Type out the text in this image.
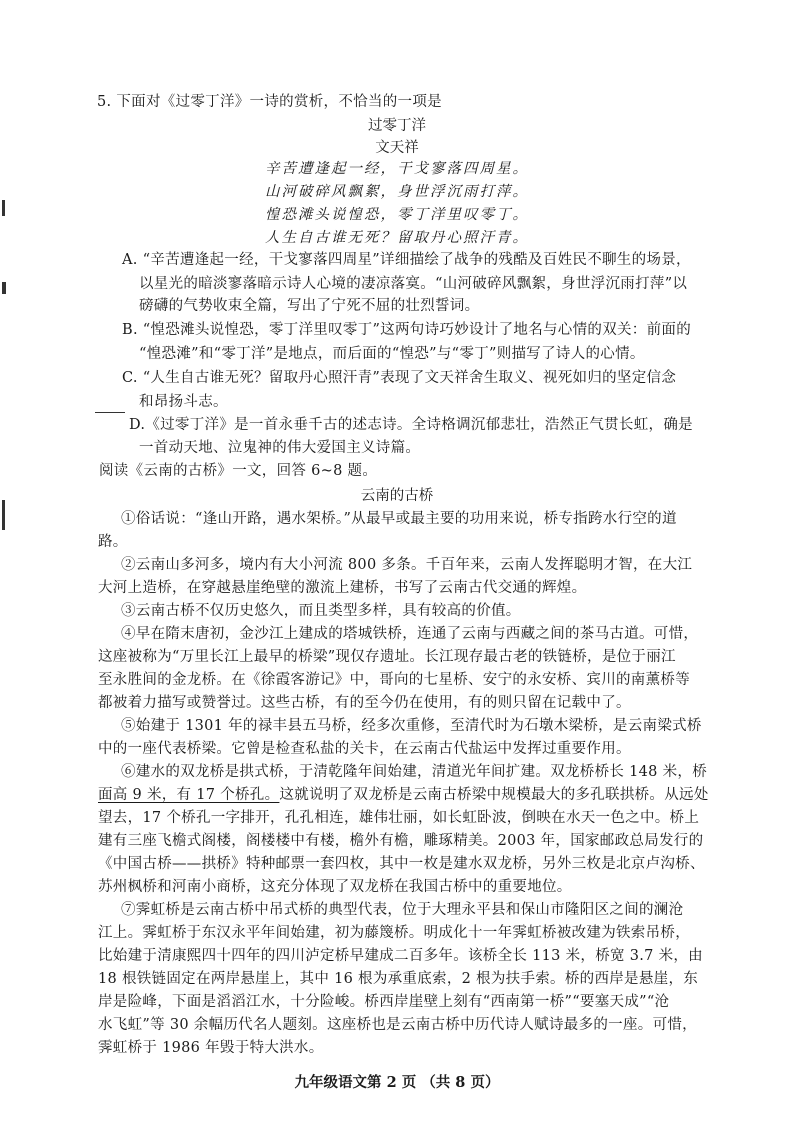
5. 下面对《过零丁洋》一诗的赏析，不恰当的一项是
过零丁洋
文天祥
辛苦遭逢起一经，干戈寥落四周星。
山河破碎风飘絮，身世浮沉雨打萍。
惶恐滩头说惶恐，零丁洋里叹零丁。
人生自古谁无死？留取丹心照汗青。
A. “辛苦遭逢起一经，干戈寥落四周星”详细描绘了战争的残酷及百姓民不聊生的场景，
以星光的暗淡寥落暗示诗人心境的凄凉落寞。“山河破碎风飘絮，身世浮沉雨打萍”以
磅礴的气势收束全篇，写出了宁死不屈的壮烈誓词。
B. “惶恐滩头说惶恐，零丁洋里叹零丁”这两句诗巧妙设计了地名与心情的双关：前面的
“惶恐滩”和“零丁洋”是地点，而后面的“惶恐”与“零丁”则描写了诗人的心情。
C. “人生自古谁无死？留取丹心照汗青”表现了文天祥舍生取义、视死如归的坚定信念
和昂扬斗志。
D.《过零丁洋》是一首永垂千古的述志诗。全诗格调沉郁悲壮，浩然正气贯长虹，确是
一首动天地、泣鬼神的伟大爱国主义诗篇。
阅读《云南的古桥》一文，回答 6~8 题。
云南的古桥
①俗话说：“逢山开路，遇水架桥。”从最早或最主要的功用来说，桥专指跨水行空的道
路。
②云南山多河多，境内有大小河流 800 多条。千百年来，云南人发挥聪明才智，在大江
大河上造桥，在穿越悬崖绝壁的激流上建桥，书写了云南古代交通的辉煌。
③云南古桥不仅历史悠久，而且类型多样，具有较高的价值。
④早在隋末唐初，金沙江上建成的塔城铁桥，连通了云南与西藏之间的茶马古道。可惜，
这座被称为“万里长江上最早的桥梁”现仅存遗址。长江现存最古老的铁链桥，是位于丽江
至永胜间的金龙桥。在《徐霞客游记》中，哥向的七星桥、安宁的永安桥、宾川的南薰桥等
都被着力描写或赞誉过。这些古桥，有的至今仍在使用，有的则只留在记载中了。
⑤始建于 1301 年的禄丰县五马桥，经多次重修，至清代时为石墩木梁桥，是云南梁式桥
中的一座代表桥梁。它曾是检查私盐的关卡，在云南古代盐运中发挥过重要作用。
⑥建水的双龙桥是拱式桥，于清乾隆年间始建，清道光年间扩建。双龙桥桥长 148 米，桥
面高 9 米，有 17 个桥孔。这就说明了双龙桥是云南古桥梁中规模最大的多孔联拱桥。从远处
望去，17 个桥孔一字排开，孔孔相连，雄伟壮丽，如长虹卧波，倒映在水天一色之中。桥上
建有三座飞檐式阁楼，阁楼楼中有楼，檐外有檐，雕琢精美。2003 年，国家邮政总局发行的
《中国古桥——拱桥》特种邮票一套四枚，其中一枚是建水双龙桥，另外三枚是北京卢沟桥、
苏州枫桥和河南小商桥，这充分体现了双龙桥在我国古桥中的重要地位。
⑦霁虹桥是云南古桥中吊式桥的典型代表，位于大理永平县和保山市隆阳区之间的澜沧
江上。霁虹桥于东汉永平年间始建，初为藤篾桥。明成化十一年霁虹桥被改建为铁索吊桥，
比始建于清康熙四十四年的四川泸定桥早建成二百多年。该桥全长 113 米，桥宽 3.7 米，由
18 根铁链固定在两岸悬崖上，其中 16 根为承重底索，2 根为扶手索。桥的西岸是悬崖，东
岸是险峰，下面是滔滔江水，十分险峻。桥西岸崖壁上刻有“西南第一桥”“要塞天成”“沧
水飞虹”等 30 余幅历代名人题刻。这座桥也是云南古桥中历代诗人赋诗最多的一座。可惜，
霁虹桥于 1986 年毁于特大洪水。
九年级语文第 2 页 （共 8 页）
